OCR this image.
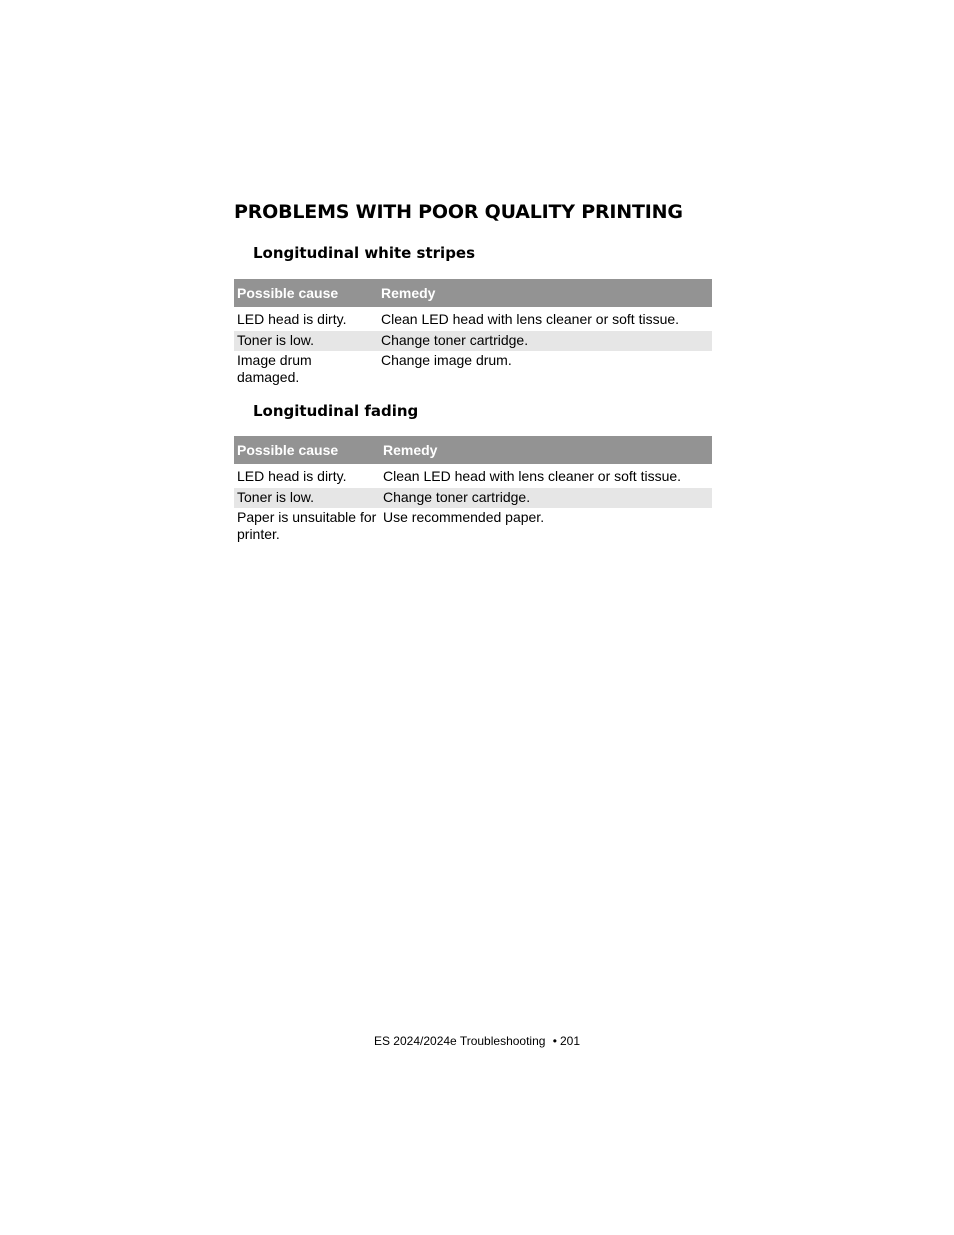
PROBLEMS WITH POOR QUALITY PRINTING
Longitudinal white stripes
Possible cause	Remedy
LED head is dirty.	Clean LED head with lens cleaner or soft tissue.
Toner is low.	Change toner cartridge.
Image drum damaged.	Change image drum.
Longitudinal fading
Possible cause	Remedy
LED head is dirty.	Clean LED head with lens cleaner or soft tissue.
Toner is low.	Change toner cartridge.
Paper is unsuitable for printer.	Use recommended paper.
ES 2024/2024e Troubleshooting • 201
